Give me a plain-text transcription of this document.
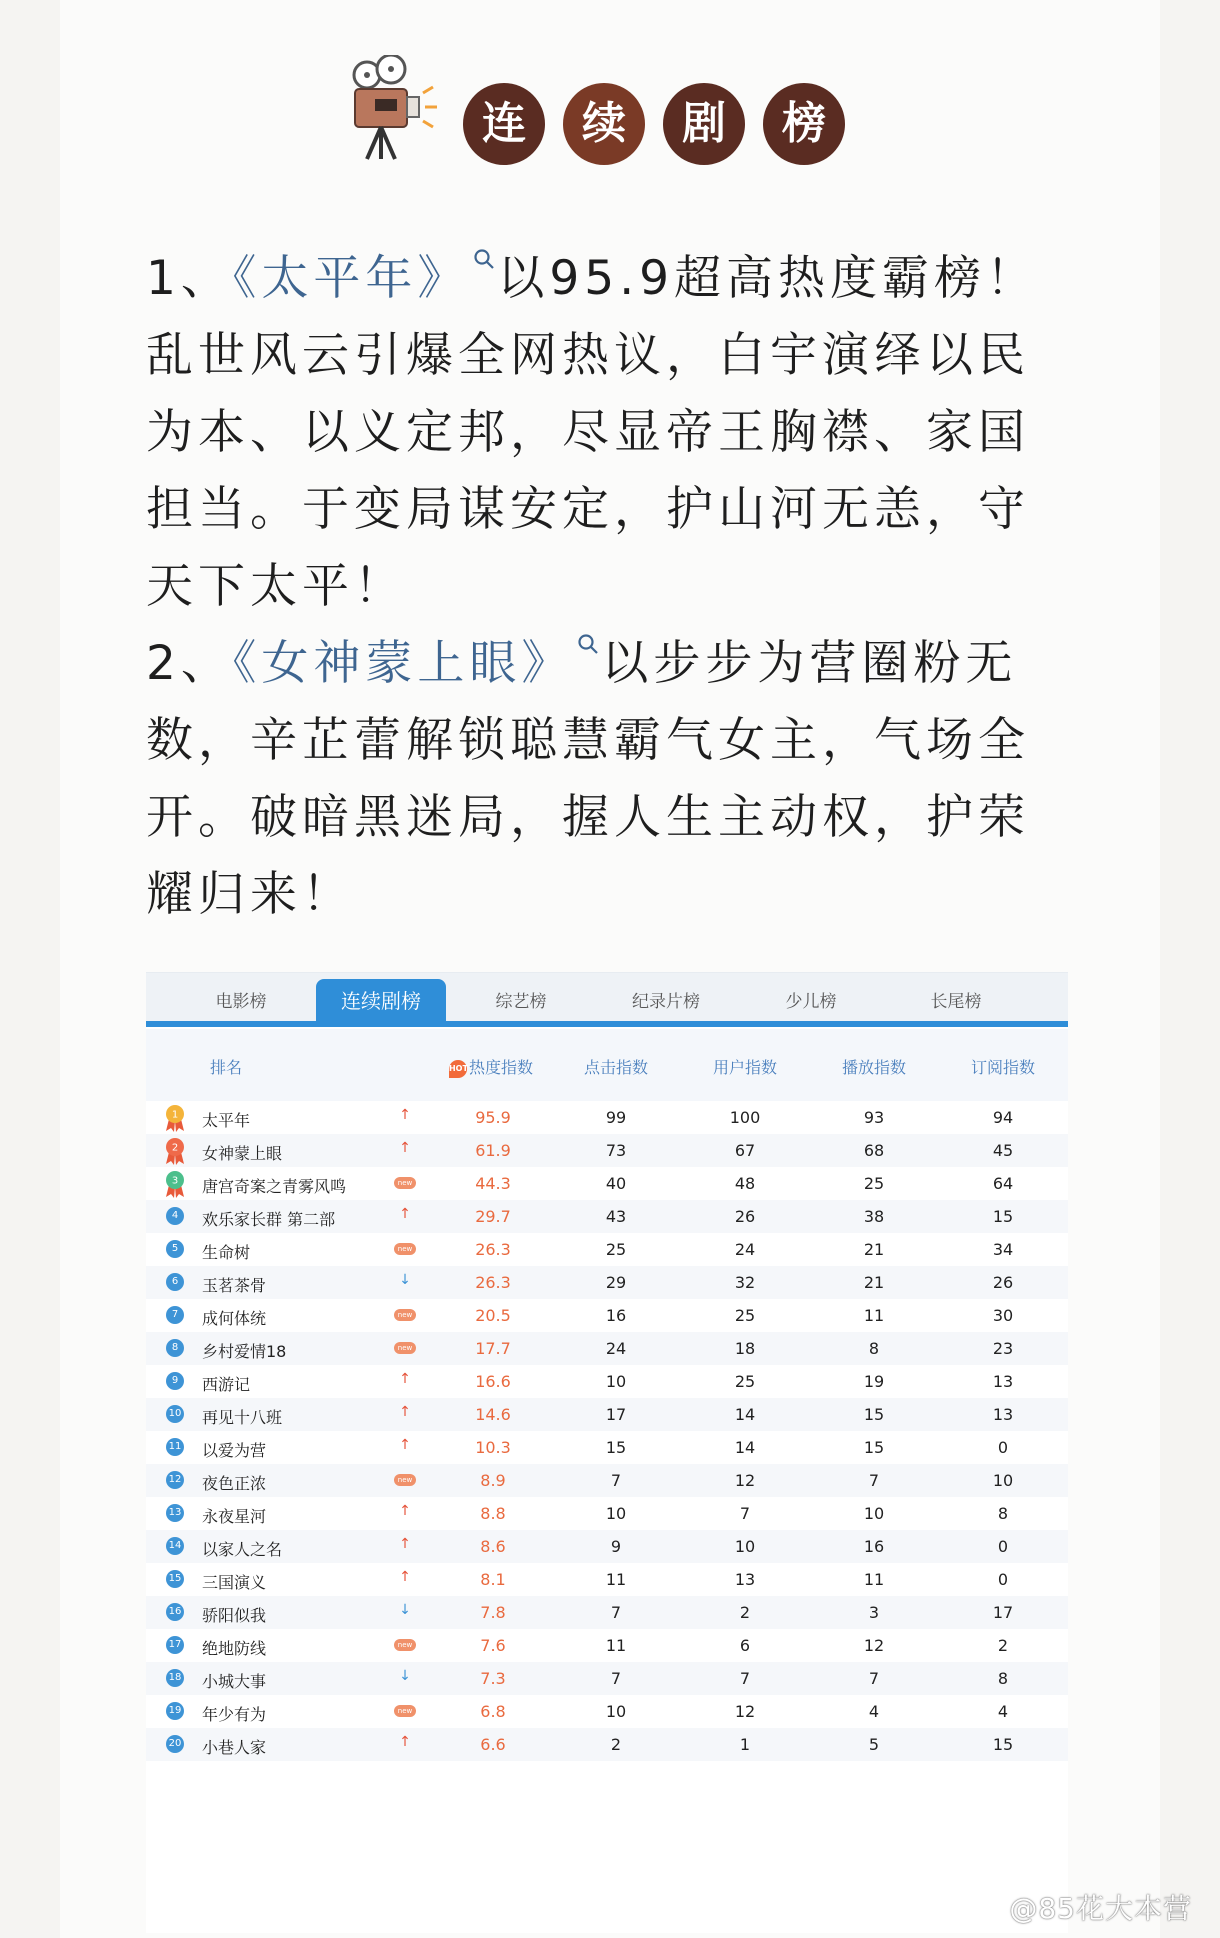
连	续	剧	榜
1、《太平年》 以95.9超高热度霸榜！乱世风云引爆全网热议，白宇演绎以民为本、以义定邦，尽显帝王胸襟、家国担当。于变局谋安定，护山河无恙，守天下太平！
2、《女神蒙上眼》 以步步为营圈粉无数，辛芷蕾解锁聪慧霸气女主，气场全开。破暗黑迷局，握人生主动权，护荣耀归来！
电影榜	连续剧榜	综艺榜	纪录片榜	少儿榜	长尾榜
排名	HOT热度指数	点击指数	用户指数	播放指数	订阅指数
1 太平年	↑	95.9	99	100	93	94
2 女神蒙上眼	↑	61.9	73	67	68	45
3 唐宫奇案之青雾风鸣	new	44.3	40	48	25	64
4	欢乐家长群 第二部	↑	29.7	43	26	38	15
5	生命树	new	26.3	25	24	21	34
6	玉茗茶骨	↓	26.3	29	32	21	26
7	成何体统	new	20.5	16	25	11	30
8	乡村爱情18	new	17.7	24	18	8	23
9	西游记	↑	16.6	10	25	19	13
10 再见十八班	↑	14.6	17	14	15	13
11 以爱为营	↑	10.3	15	14	15	0
12 夜色正浓	new	8.9	7	12	7	10
13 永夜星河	↑	8.8	10	7	10	8
14 以家人之名	↑	8.6	9	10	16	0
15 三国演义	↑	8.1	11	13	11	0
16 骄阳似我	↓	7.8	7	2	3	17
17 绝地防线	new	7.6	11	6	12	2
18 小城大事	↓	7.3	7	7	7	8
19 年少有为	new	6.8	10	12	4	4
20 小巷人家	↑	6.6	2	1	5	15
@85花大本营
